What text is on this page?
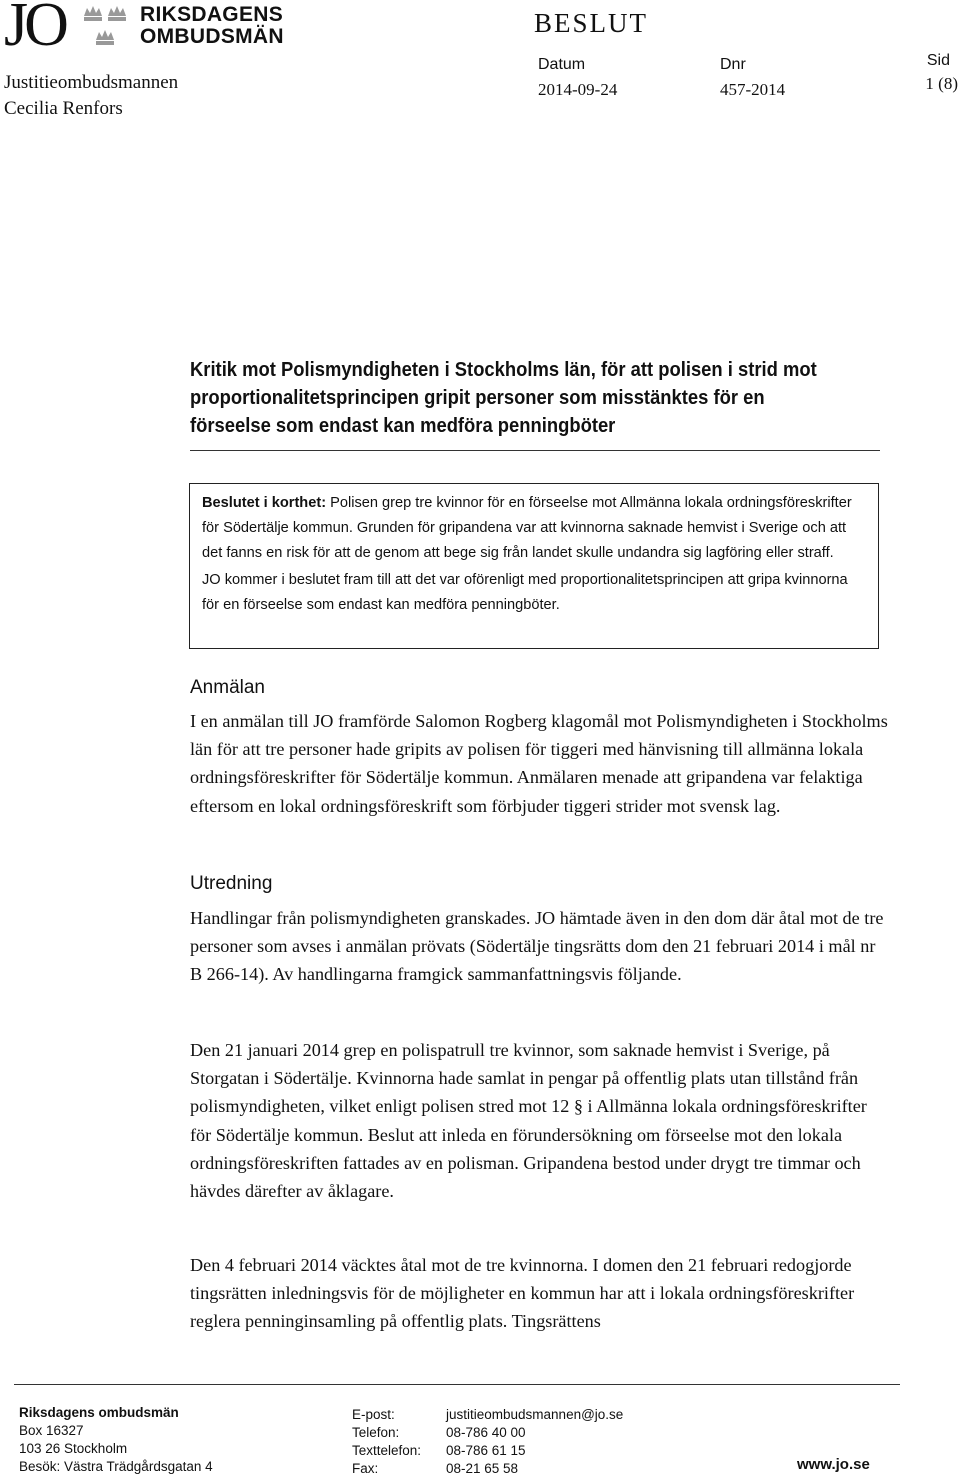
JO	RIKSDAGENS
OMBUDSMÄN
Justitieombudsmannen
Cecilia Renfors
BESLUT
Datum
2014-09-24
Dnr
457-2014
Sid
1 (8)
Kritik mot Polismyndigheten i Stockholms län, för att polisen i strid mot proportionalitetsprincipen gripit personer som misstänktes för en förseelse som endast kan medföra penningböter

Beslutet i korthet: Polisen grep tre kvinnor för en förseelse mot Allmänna lokala ordningsföreskrifter för Södertälje kommun. Grunden för gripandena var att kvinnorna saknade hemvist i Sverige och att det fanns en risk för att de genom att bege sig från landet skulle undandra sig lagföring eller straff.

JO kommer i beslutet fram till att det var oförenligt med proportionalitetsprincipen att gripa kvinnorna för en förseelse som endast kan medföra penningböter.

Anmälan

I en anmälan till JO framförde Salomon Rogberg klagomål mot Polismyndigheten i Stockholms län för att tre personer hade gripits av polisen för tiggeri med hänvisning till allmänna lokala ordningsföreskrifter för Södertälje kommun. Anmälaren menade att gripandena var felaktiga eftersom en lokal ordningsföreskrift som förbjuder tiggeri strider mot svensk lag.

Utredning

Handlingar från polismyndigheten granskades. JO hämtade även in den dom där åtal mot de tre personer som avses i anmälan prövats (Södertälje tingsrätts dom den 21 februari 2014 i mål nr B 266-14). Av handlingarna framgick sammanfattningsvis följande.

Den 21 januari 2014 grep en polispatrull tre kvinnor, som saknade hemvist i Sverige, på Storgatan i Södertälje. Kvinnorna hade samlat in pengar på offentlig plats utan tillstånd från polismyndigheten, vilket enligt polisen stred mot 12 § i Allmänna lokala ordningsföreskrifter för Södertälje kommun. Beslut att inleda en förundersökning om förseelse mot den lokala ordningsföreskriften fattades av en polisman. Gripandena bestod under drygt tre timmar och hävdes därefter av åklagare.

Den 4 februari 2014 väcktes åtal mot de tre kvinnorna. I domen den 21 februari redogjorde tingsrätten inledningsvis för de möjligheter en kommun har att i lokala ordningsföreskrifter reglera penninginsamling på offentlig plats. Tingsrättens

Riksdagens ombudsmän
Box 16327
103 26 Stockholm
Besök: Västra Trädgårdsgatan 4
E-post:
Telefon:
Texttelefon:
Fax:
justitieombudsmannen@jo.se
08-786 40 00
08-786 61 15
08-21 65 58	www.jo.se
